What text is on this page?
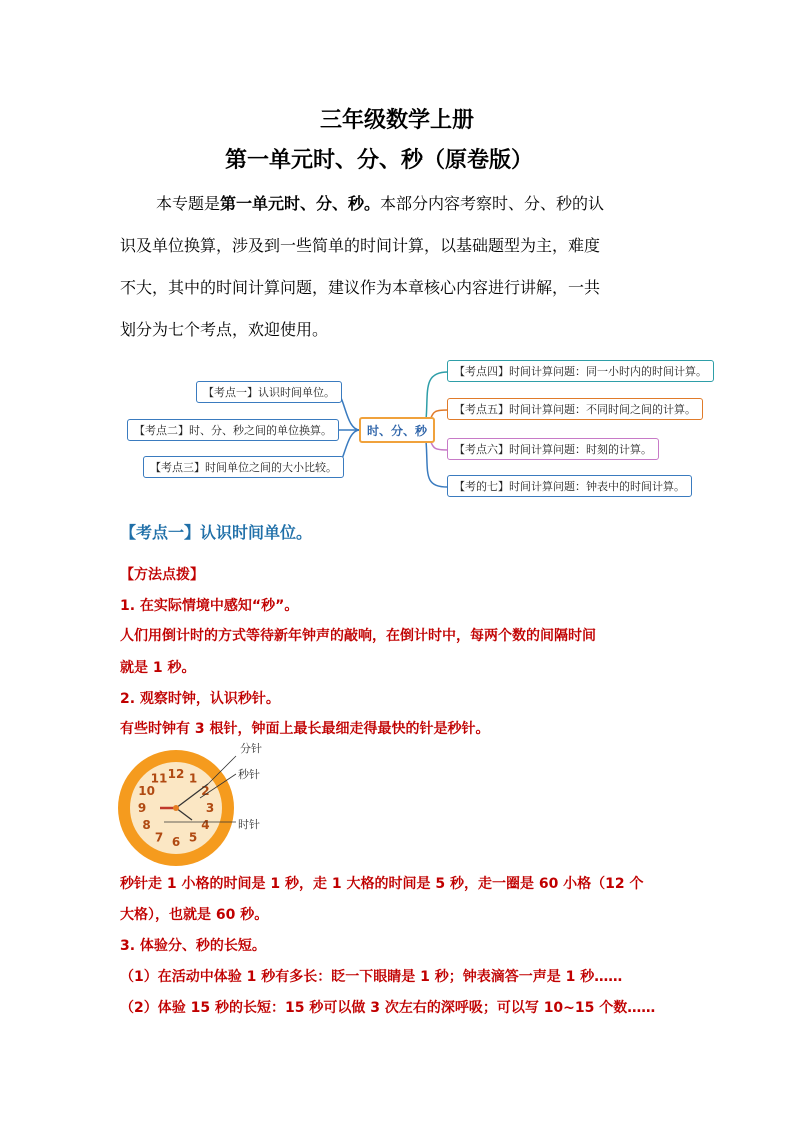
三年级数学上册
第一单元时、分、秒（原卷版）
本专题是第一单元时、分、秒。本部分内容考察时、分、秒的认
识及单位换算，涉及到一些简单的时间计算，以基础题型为主，难度
不大，其中的时间计算问题，建议作为本章核心内容进行讲解，一共
划分为七个考点，欢迎使用。
时、分、秒
【考点一】认识时间单位。
【考点二】时、分、秒之间的单位换算。
【考点三】时间单位之间的大小比较。
【考点四】时间计算问题：同一小时内的时间计算。
【考点五】时间计算问题：不同时间之间的计算。
【考点六】时间计算问题：时刻的计算。
【考的七】时间计算问题：钟表中的时间计算。
【考点一】认识时间单位。
【方法点拨】
1. 在实际情境中感知“秒”。
人们用倒计时的方式等待新年钟声的敲响，在倒计时中，每两个数的间隔时间
就是 1 秒。
2. 观察时钟，认识秒针。
有些时钟有 3 根针，钟面上最长最细走得最快的针是秒针。
12 1
2
3
4
5
6
7
8
9
10
11
分针
秒针
时针
秒针走 1 小格的时间是 1 秒，走 1 大格的时间是 5 秒，走一圈是 60 小格（12 个
大格），也就是 60 秒。
3. 体验分、秒的长短。
（1）在活动中体验 1 秒有多长：眨一下眼睛是 1 秒；钟表滴答一声是 1 秒……
（2）体验 15 秒的长短：15 秒可以做 3 次左右的深呼吸；可以写 10~15 个数……
